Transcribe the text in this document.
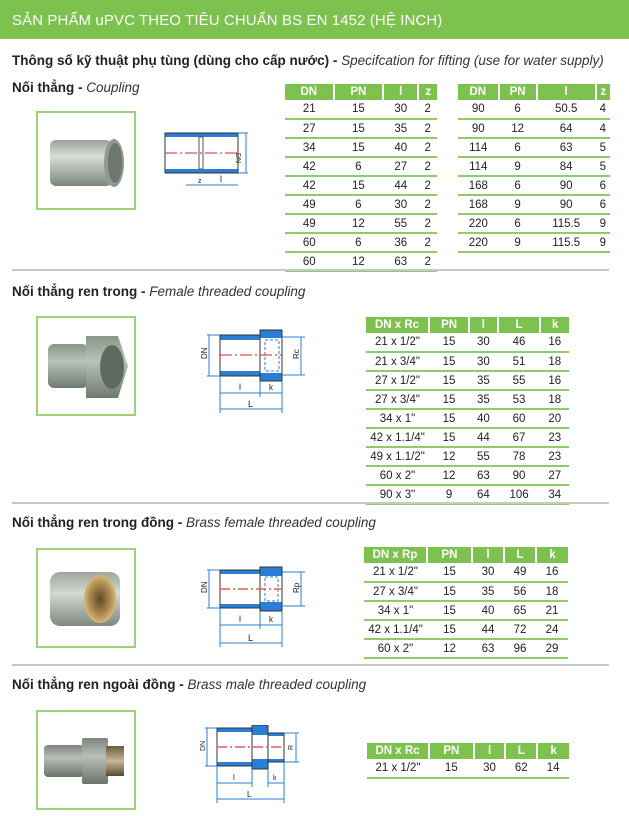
SẢN PHẨM uPVC THEO TIÊU CHUẨN BS EN 1452 (HỆ INCH)
Thông số kỹ thuật phụ tùng (dùng cho cấp nước) - Specifcation for fifting (use for water supply)
Nối thẳng - Coupling
DN
z l
DN	PN	l	z
21	15	30	2
27	15	35	2
34	15	40	2
42	6	27	2
42	15	44	2
49	6	30	2
49	12	55	2
60	6	36	2
60	12	63	2
DN	PN	l	z
90	6	50.5	4
90	12	64	4
114	6	63	5
114	9	84	5
168	6	90	6
168	9	90	6
220	6	115.5	9
220	9	115.5	9
Nối thẳng ren trong - Female threaded coupling
DN	Rc
l	k
L
DN x Rc	PN	l	L	k
21 x 1/2"	15	30	46	16
21 x 3/4"	15	30	51	18
27 x 1/2"	15	35	55	16
27 x 3/4"	15	35	53	18
34 x 1"	15	40	60	20
42 x 1.1/4"	15	44	67	23
49 x 1.1/2"	12	55	78	23
60 x 2"	12	63	90	27
90 x 3"	9	64	106	34
Nối thẳng ren trong đồng - Brass female threaded coupling
DN	Rp
l	k
L
DN x Rp	PN	l	L	k
21 x 1/2"	15	30	49	16
27 x 3/4"	15	35	56	18
34 x 1"	15	40	65	21
42 x 1.1/4"	15	44	72	24
60 x 2"	12	63	96	29
Nối thẳng ren ngoài đồng - Brass male threaded coupling
DN	R
l	k
L
DN x Rc	PN	l	L	k
21 x 1/2"	15	30	62	14
